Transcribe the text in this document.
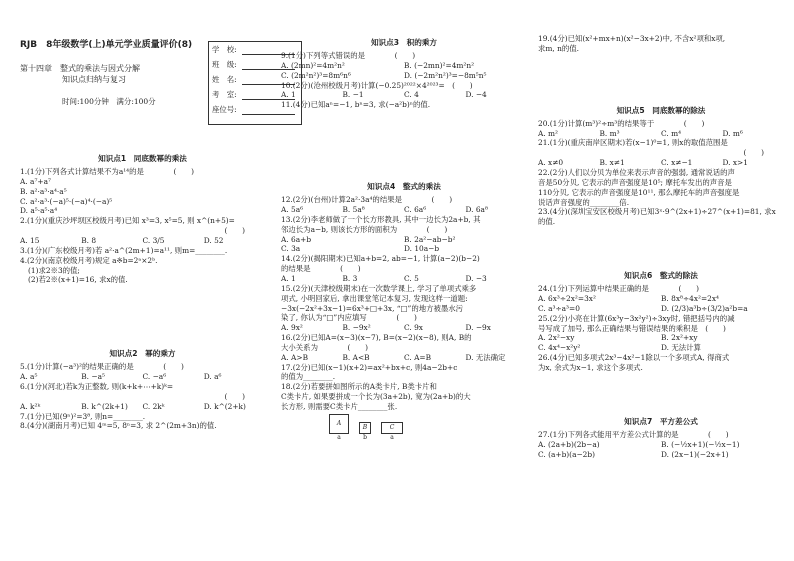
RJB　8年级数学(上)单元学业质量评价(8)
第十四章　整式的乘法与因式分解
知识点归纳与复习
时间:100分钟　满分:100分
学　校:
班　级:
姓　名:
考　室:
座位号:
知识点1　同底数幂的乘法

1.(1分)下列各式计算结果不为a¹⁴的是　　　　(　　)

A. a⁷+a⁷
B. a²·a³·a⁴·a⁵
C. a²·a³·(−a)⁵·(−a)⁴·(−a)⁵
D. a⁵·a⁵·a⁴

2.(1分)(重庆沙坪坝区校级月考)已知 x³=3, x⁵=5, 则 x^(n+5)=

(　　)

A. 15	B. 8	C. 3/5	D. 52

3.(1分)(广东校级月考)若 a²·a^(2m+1)=a¹¹, 则m=________.

4.(2分)(南京校级月考)规定 a※b=2ᵃ×2ᵇ.

(1)求2※3的值;

(2)若2※(x+1)=16, 求x的值.

知识点2　幂的乘方

5.(1分)计算(−a³)²的结果正确的是　　　　(　　)

A. a⁵	B. −a⁵	C. −a⁶	D. a⁶

6.(1分)(河北)若k为正整数, 则(k+k+⋯+k)ᵏ=

(　　)

A. k²ᵏ	B. k^(2k+1)	C. 2kᵏ	D. k^(2+k)

7.(1分)已知(9ⁿ)²=3⁸, 则n=________.

8.(4分)(湖南月考)已知 4ᵐ=5, 8ⁿ=3, 求 2^(2m+3n)的值.

知识点3　积的乘方

9.(1分)下列等式错误的是　　　　(　　)

A. (2mn)²=4m²n²	B. (−2mn)²=4m²n²
C. (2m²n²)³=8m⁶n⁶	D. (−2m²n²)³=−8m⁵n⁵

10.(2分)(沧州校级月考)计算(−0.25)²⁰²²×4²⁰²³=　(　　)

A. 1	B. −1	C. 4	D. −4

11.(4分)已知aⁿ=−1, bⁿ=3, 求(−a²b)ⁿ的值.

知识点4　整式的乘法

12.(2分)(台州)计算2a²·3a⁴的结果是　　　　(　　)

A. 5a⁶	B. 5a⁸	C. 6a⁶	D. 6a⁸

13.(2分)李老师做了一个长方形教具, 其中一边长为2a+b, 其

邻边长为a−b, 则该长方形的面积为　　　　(　　)

A. 6a+b	B. 2a²−ab−b²
C. 3a	D. 10a−b

14.(2分)(揭阳期末)已知a+b=2, ab=−1, 计算(a−2)(b−2)

的结果是　　　　(　　)

A. 1	B. 3	C. 5	D. −3

15.(2分)(天津校级期末)在一次数学课上, 学习了单项式乘多

项式, 小明回家后, 拿出课堂笔记本复习, 发现这样一道题:

−3x(−2x²+3x−1)=6x³+□+3x, “□”的地方被墨水污

染了, 你认为“□”内应填写　　　　(　　)

A. 9x²	B. −9x²	C. 9x	D. −9x

16.(2分)已知A=(x−3)(x−7), B=(x−2)(x−8), 则A, B的

大小关系为　　　　(　　)

A. A>B	B. A<B	C. A=B	D. 无法确定

17.(2分)已知(x−1)(x+2)=ax²+bx+c, 则4a−2b+c

的值为________.

18.(2分)若要拼如图所示的A类卡片, B类卡片和

C类卡片, 如果要拼成一个长为(3a+2b), 宽为(2a+b)的大

长方形, 则需要C类卡片________张.

A
a
B
b
C
a

19.(4分)已知(x²+mx+n)(x²−3x+2)中, 不含x²项和x项,

求m, n的值.

知识点5　同底数幂的除法

20.(1分)计算(m³)²÷m³的结果等于　　　　(　　)

A. m²	B. m³	C. m⁴	D. m⁶

21.(1分)(重庆南岸区期末)若(x−1)⁰=1, 则x的取值范围是

(　　)

A. x≠0	B. x≠1	C. x≠−1	D. x>1

22.(2分)人们以分贝为单位来表示声音的强弱, 通常说话的声

音是50分贝, 它表示的声音强度是10⁵; 摩托车发出的声音是

110分贝, 它表示的声音强度是10¹¹, 那么摩托车的声音强度是

说话声音强度的________倍.

23.(4分)(深圳宝安区校级月考)已知3ˣ·9^(2x+1)÷27^(x+1)=81, 求x

的值.

知识点6　整式的除法

24.(1分)下列运算中结果正确的是　　　　(　　)

A. 6x³÷2x²=3x²	B. 8x⁸÷4x²=2x⁴
C. a³÷a³=0	D. (2/3)a³b÷(3/2)a²b=a

25.(2分)小亮在计算(6x³y−3x²y²)÷3xy时, 错把括号内的减

号写成了加号, 那么正确结果与错误结果的乘积是　(　　)

A. 2x²−xy	B. 2x²+xy
C. 4x⁴−x²y²	D. 无法计算

26.(4分)已知多项式2x³−4x²−1除以一个多项式A, 得商式

为x, 余式为x−1, 求这个多项式.

知识点7　平方差公式

27.(1分)下列各式能用平方差公式计算的是　　　　(　　)

A. (2a+b)(2b−a)	B. (−½x+1)(−½x−1)
C. (a+b)(a−2b)	D. (2x−1)(−2x+1)
